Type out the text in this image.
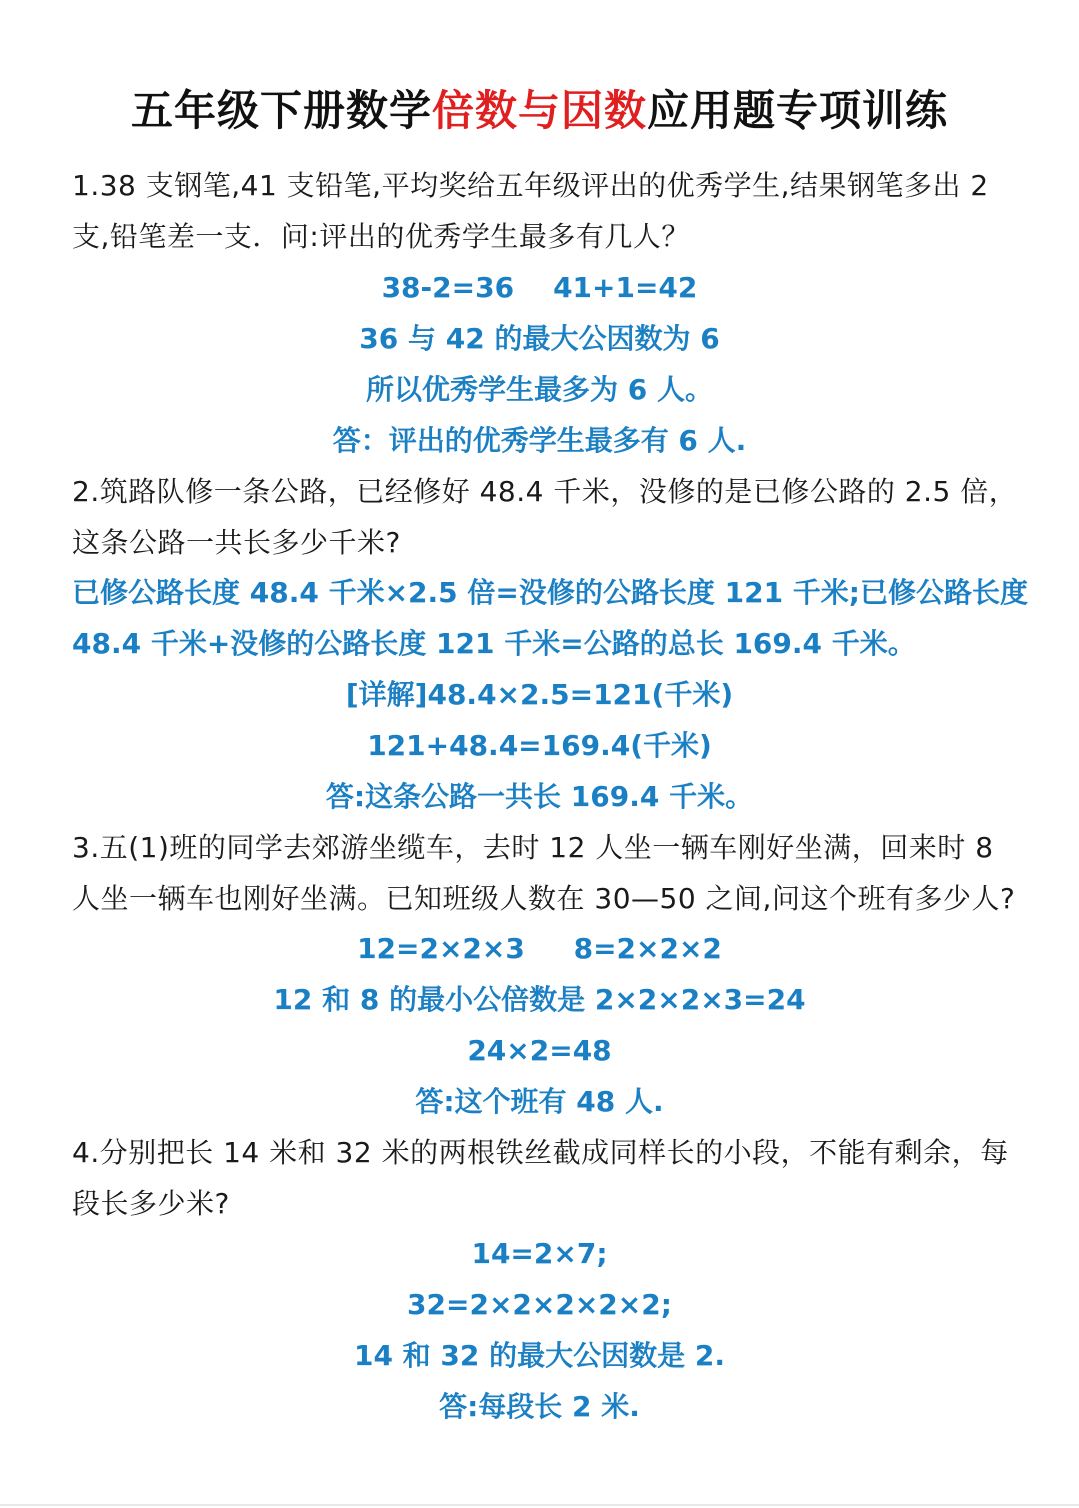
五年级下册数学倍数与因数应用题专项训练
1.38 支钢笔,41 支铅笔,平均奖给五年级评出的优秀学生,结果钢笔多出 2
支,铅笔差一支．问:评出的优秀学生最多有几人？
38-2=36    41+1=42
36 与 42 的最大公因数为 6
所以优秀学生最多为 6 人。
答：评出的优秀学生最多有 6 人.
2.筑路队修一条公路，已经修好 48.4 千米，没修的是已修公路的 2.5 倍，
这条公路一共长多少千米?
已修公路长度 48.4 千米×2.5 倍=没修的公路长度 121 千米;已修公路长度
48.4 千米+没修的公路长度 121 千米=公路的总长 169.4 千米。
[详解]48.4×2.5=121(千米)
121+48.4=169.4(千米)
答:这条公路一共长 169.4 千米。
3.五(1)班的同学去郊游坐缆车，去时 12 人坐一辆车刚好坐满，回来时 8
人坐一辆车也刚好坐满。已知班级人数在 30—50 之间,问这个班有多少人?
12=2×2×3     8=2×2×2
12 和 8 的最小公倍数是 2×2×2×3=24
24×2=48
答:这个班有 48 人.
4.分别把长 14 米和 32 米的两根铁丝截成同样长的小段，不能有剩余，每
段长多少米?
14=2×7;
32=2×2×2×2×2;
14 和 32 的最大公因数是 2.
答:每段长 2 米.
